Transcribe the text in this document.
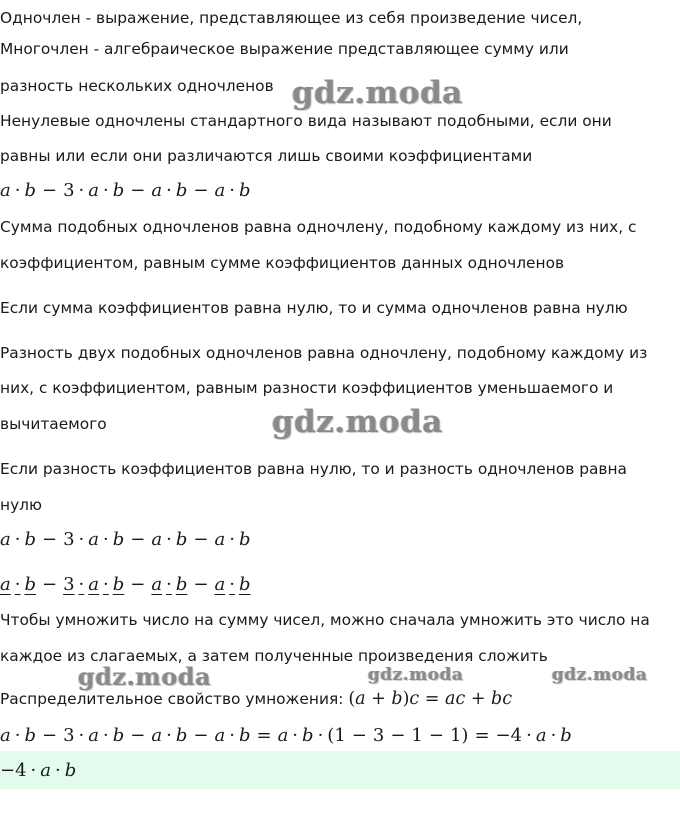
Одночлен - выражение, представляющее из себя произведение чисел,
Многочлен - алгебраическое выражение представляющее сумму или
разность нескольких одночленов
Ненулевые одночлены стандартного вида называют подобными, если они
равны или если они различаются лишь своими коэффициентами
a · b − 3 · a · b − a · b − a · b
Сумма подобных одночленов равна одночлену, подобному каждому из них, с
коэффициентом, равным сумме коэффициентов данных одночленов
Если сумма коэффициентов равна нулю, то и сумма одночленов равна нулю
Разность двух подобных одночленов равна одночлену, подобному каждому из
них, с коэффициентом, равным разности коэффициентов уменьшаемого и
вычитаемого
Если разность коэффициентов равна нулю, то и разность одночленов равна
нулю
a · b − 3 · a · b − a · b − a · b
a · b − 3 · a · b − a · b − a · b
Чтобы умножить число на сумму чисел, можно сначала умножить это число на
каждое из слагаемых, а затем полученные произведения сложить
Распределительное свойство умножения: (a + b)c = ac + bc
a · b − 3 · a · b − a · b − a · b = a · b · (1 − 3 − 1 − 1) = −4 · a · b
−4 · a · b
gdz.moda
gdz.moda
gdz.moda	gdz.moda	gdz.moda
